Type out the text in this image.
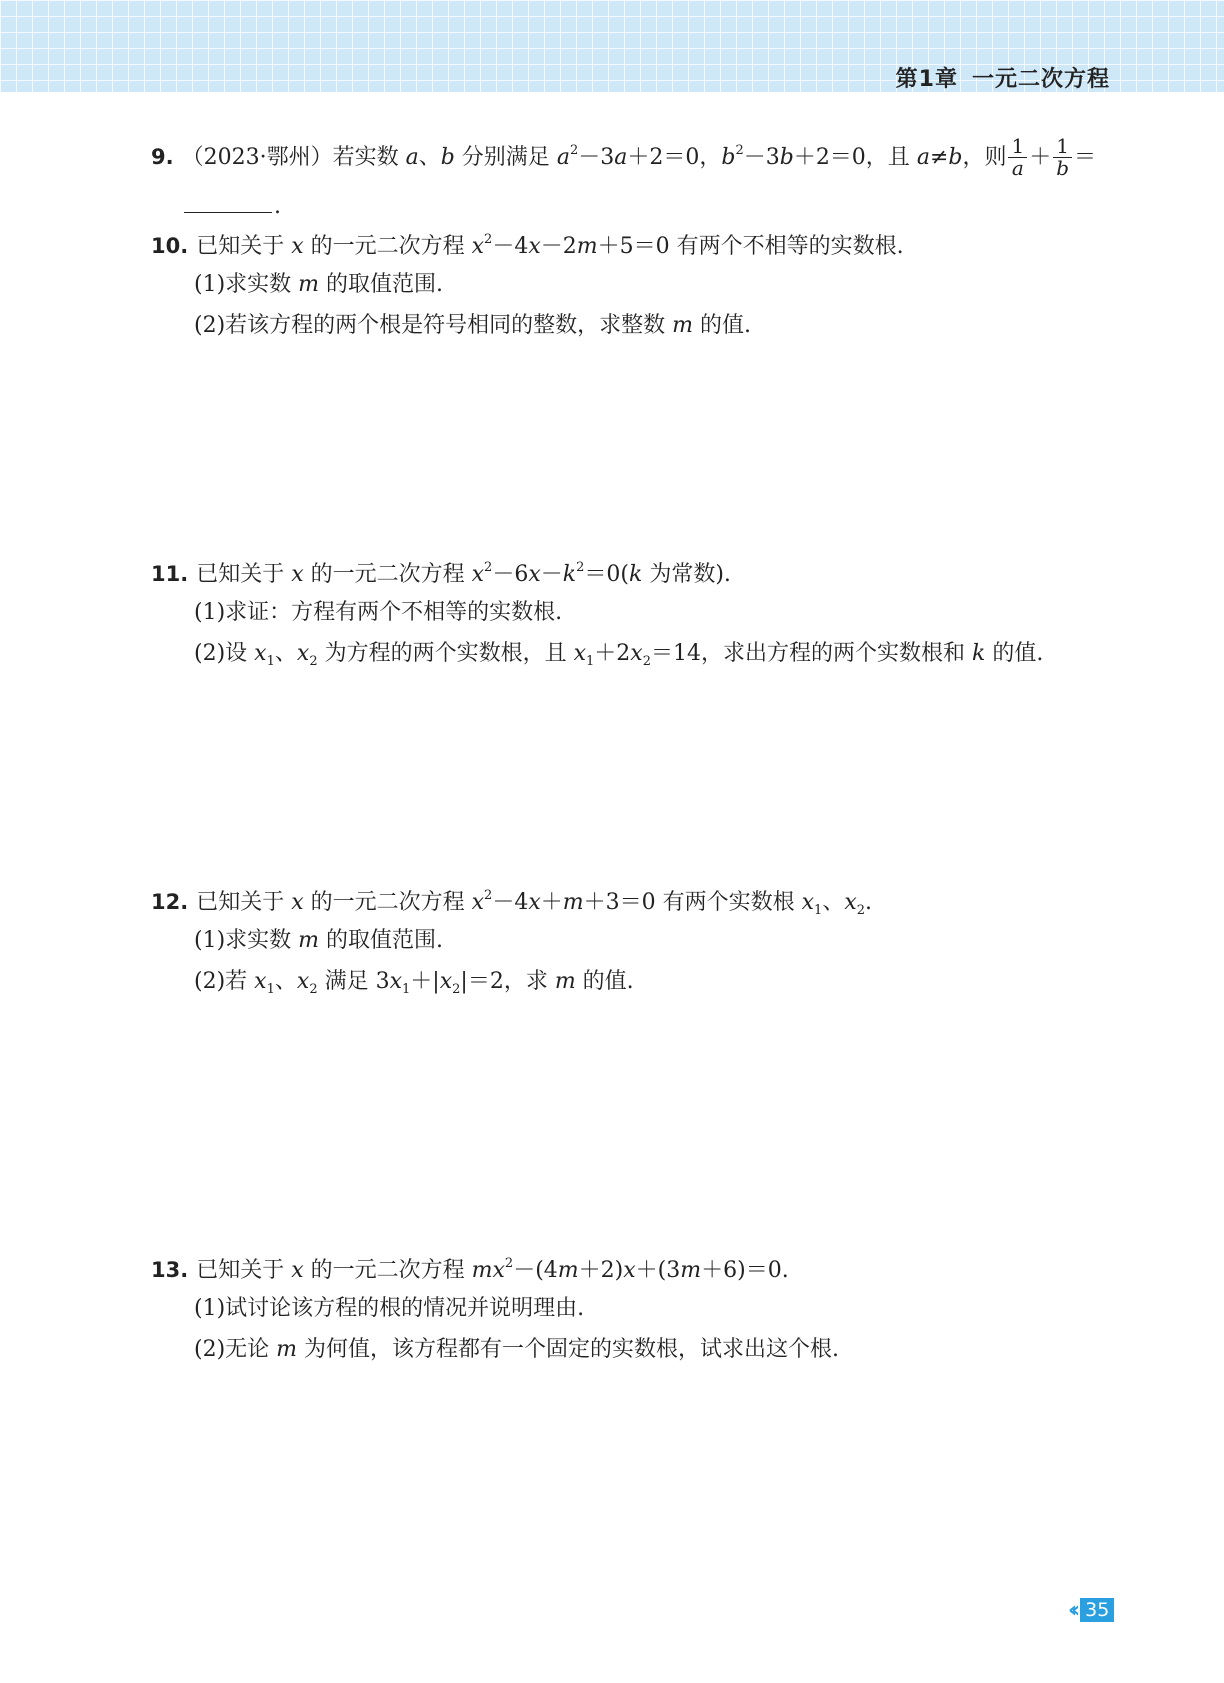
第1章 一元二次方程
9. （2023·鄂州）若实数 a、b 分别满足 $a^2-3a+2=0$，$b^2-3b+2=0$，且 a≠b，则 $\frac{1}{a} + \frac{1}{b}$ ＝
.
10. 已知关于 x 的一元二次方程 $x^2-4x-2m+5=0$ 有两个不相等的实数根.
(1)求实数 m 的取值范围.
(2)若该方程的两个根是符号相同的整数，求整数 m 的值.
11. 已知关于 x 的一元二次方程 $x^2-6x-k^2=0(k$ 为常数).
(1)求证：方程有两个不相等的实数根.
(2)设 $x_1$、$x_2$ 为方程的两个实数根，且 $x_1+2x_2=14$，求出方程的两个实数根和 k 的值.
12. 已知关于 x 的一元二次方程 $x^2-4x+m+3=0$ 有两个实数根 $x_1$、$x_2$.
(1)求实数 m 的取值范围.
(2)若 $x_1$、$x_2$ 满足 $3x_1+|x_2|=2$，求 m 的值.
13. 已知关于 x 的一元二次方程 $mx^2-(4m+2)x+(3m+6)=0$.
(1)试讨论该方程的根的情况并说明理由.
(2)无论 m 为何值，该方程都有一个固定的实数根，试求出这个根.
‹‹ 35
